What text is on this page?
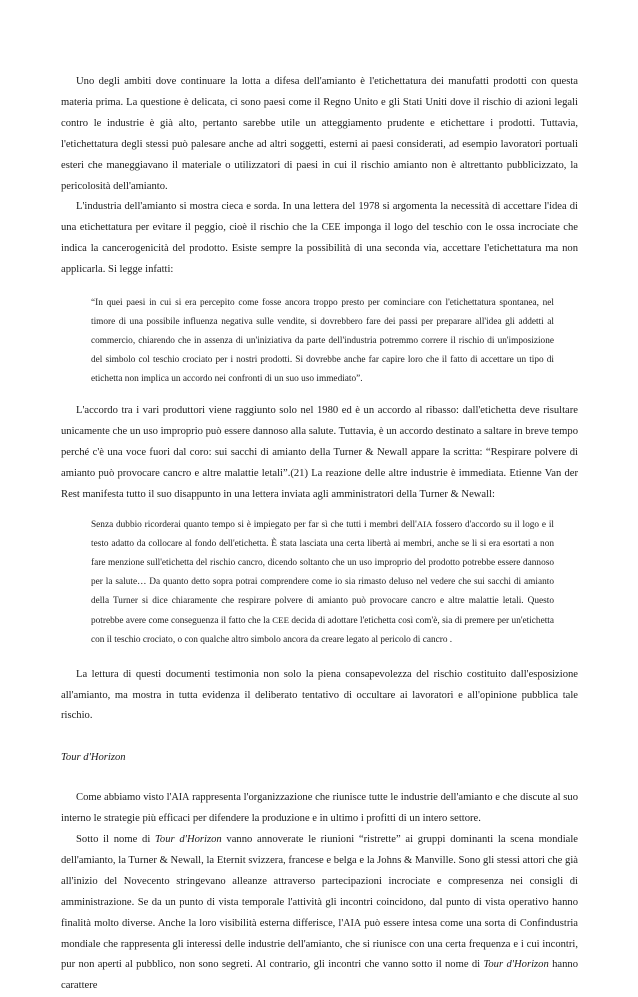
Uno degli ambiti dove continuare la lotta a difesa dell'amianto è l'etichettatura dei manufatti prodotti con questa materia prima. La questione è delicata, ci sono paesi come il Regno Unito e gli Stati Uniti dove il rischio di azioni legali contro le industrie è già alto, pertanto sarebbe utile un atteggiamento prudente e etichettare i prodotti. Tuttavia, l'etichettatura degli stessi può palesare anche ad altri soggetti, esterni ai paesi considerati, ad esempio lavoratori portuali esteri che maneggiavano il materiale o utilizzatori di paesi in cui il rischio amianto non è altrettanto pubblicizzato, la pericolosità dell'amianto.

L'industria dell'amianto si mostra cieca e sorda. In una lettera del 1978 si argomenta la necessità di accettare l'idea di una etichettatura per evitare il peggio, cioè il rischio che la CEE imponga il logo del teschio con le ossa incrociate che indica la cancerogenicità del prodotto. Esiste sempre la possibilità di una seconda via, accettare l'etichettatura ma non applicarla. Si legge infatti:

“In quei paesi in cui si era percepito come fosse ancora troppo presto per cominciare con l'etichettatura spontanea, nel timore di una possibile influenza negativa sulle vendite, si dovrebbero fare dei passi per preparare all'idea gli addetti al commercio, chiarendo che in assenza di un'iniziativa da parte dell'industria potremmo correre il rischio di un'imposizione del simbolo col teschio crociato per i nostri prodotti. Si dovrebbe anche far capire loro che il fatto di accettare un tipo di etichetta non implica un accordo nei confronti di un suo uso immediato”.

L'accordo tra i vari produttori viene raggiunto solo nel 1980 ed è un accordo al ribasso: dall'etichetta deve risultare unicamente che un uso improprio può essere dannoso alla salute. Tuttavia, è un accordo destinato a saltare in breve tempo perché c'è una voce fuori dal coro: sui sacchi di amianto della Turner & Newall appare la scritta: “Respirare polvere di amianto può provocare cancro e altre malattie letali”.(21) La reazione delle altre industrie è immediata. Etienne Van der Rest manifesta tutto il suo disappunto in una lettera inviata agli amministratori della Turner & Newall:

Senza dubbio ricorderai quanto tempo si è impiegato per far sì che tutti i membri dell'AIA fossero d'accordo su il logo e il testo adatto da collocare al fondo dell'etichetta. È stata lasciata una certa libertà ai membri, anche se li si era esortati a non fare menzione sull'etichetta del rischio cancro, dicendo soltanto che un uso improprio del prodotto potrebbe essere dannoso per la salute… Da quanto detto sopra potrai comprendere come io sia rimasto deluso nel vedere che sui sacchi di amianto della Turner si dice chiaramente che respirare polvere di amianto può provocare cancro e altre malattie letali. Questo potrebbe avere come conseguenza il fatto che la CEE decida di adottare l'etichetta così com'è, sia di premere per un'etichetta con il teschio crociato, o con qualche altro simbolo ancora da creare legato al pericolo di cancro .

La lettura di questi documenti testimonia non solo la piena consapevolezza del rischio costituito dall'esposizione all'amianto, ma mostra in tutta evidenza il deliberato tentativo di occultare ai lavoratori e all'opinione pubblica tale rischio.

Tour d'Horizon

Come abbiamo visto l'AIA rappresenta l'organizzazione che riunisce tutte le industrie dell'amianto e che discute al suo interno le strategie più efficaci per difendere la produzione e in ultimo i profitti di un intero settore.

Sotto il nome di Tour d'Horizon vanno annoverate le riunioni “ristrette” ai gruppi dominanti la scena mondiale dell'amianto, la Turner & Newall, la Eternit svizzera, francese e belga e la Johns & Manville. Sono gli stessi attori che già all'inizio del Novecento stringevano alleanze attraverso partecipazioni incrociate e compresenza nei consigli di amministrazione. Se da un punto di vista temporale l'attività gli incontri coincidono, dal punto di vista operativo hanno finalità molto diverse. Anche la loro visibilità esterna differisce, l'AIA può essere intesa come una sorta di Confindustria mondiale che rappresenta gli interessi delle industrie dell'amianto, che si riunisce con una certa frequenza e i cui incontri, pur non aperti al pubblico, non sono segreti. Al contrario, gli incontri che vanno sotto il nome di Tour d'Horizon hanno carattere
